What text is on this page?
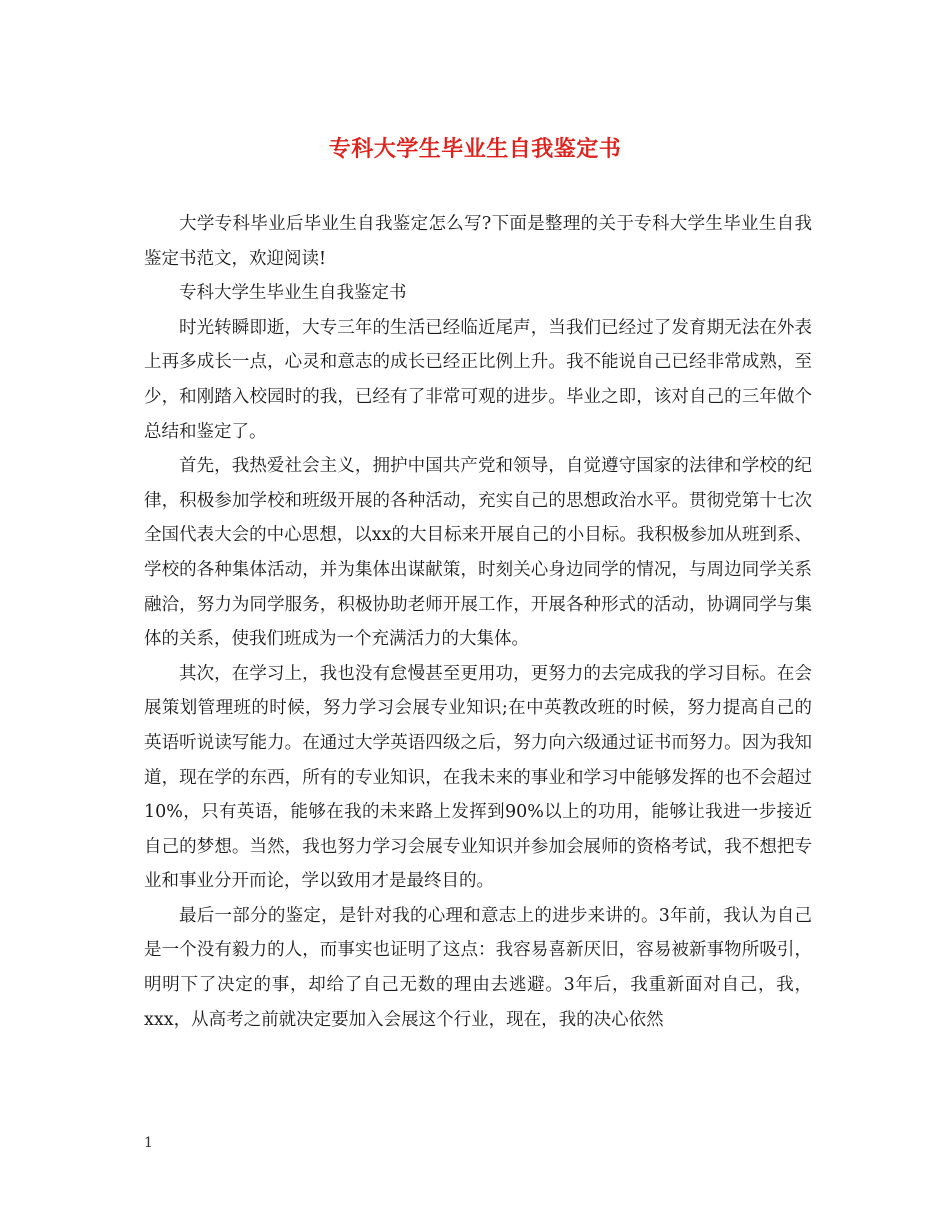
专科大学生毕业生自我鉴定书

大学专科毕业后毕业生自我鉴定怎么写?下面是整理的关于专科大学生毕业生自我鉴定书范文，欢迎阅读!

专科大学生毕业生自我鉴定书

时光转瞬即逝，大专三年的生活已经临近尾声，当我们已经过了发育期无法在外表上再多成长一点，心灵和意志的成长已经正比例上升。我不能说自己已经非常成熟，至少，和刚踏入校园时的我，已经有了非常可观的进步。毕业之即，该对自己的三年做个总结和鉴定了。

首先，我热爱社会主义，拥护中国共产党和领导，自觉遵守国家的法律和学校的纪律，积极参加学校和班级开展的各种活动，充实自己的思想政治水平。贯彻党第十七次全国代表大会的中心思想，以xx的大目标来开展自己的小目标。我积极参加从班到系、学校的各种集体活动，并为集体出谋献策，时刻关心身边同学的情况，与周边同学关系融洽，努力为同学服务，积极协助老师开展工作，开展各种形式的活动，协调同学与集体的关系，使我们班成为一个充满活力的大集体。

其次，在学习上，我也没有怠慢甚至更用功，更努力的去完成我的学习目标。在会展策划管理班的时候，努力学习会展专业知识;在中英教改班的时候，努力提高自己的英语听说读写能力。在通过大学英语四级之后，努力向六级通过证书而努力。因为我知道，现在学的东西，所有的专业知识，在我未来的事业和学习中能够发挥的也不会超过10%，只有英语，能够在我的未来路上发挥到90%以上的功用，能够让我进一步接近自己的梦想。当然，我也努力学习会展专业知识并参加会展师的资格考试，我不想把专业和事业分开而论，学以致用才是最终目的。

最后一部分的鉴定，是针对我的心理和意志上的进步来讲的。3年前，我认为自己是一个没有毅力的人，而事实也证明了这点：我容易喜新厌旧，容易被新事物所吸引，明明下了决定的事，却给了自己无数的理由去逃避。3年后，我重新面对自己，我，xxx，从高考之前就决定要加入会展这个行业，现在，我的决心依然

1
